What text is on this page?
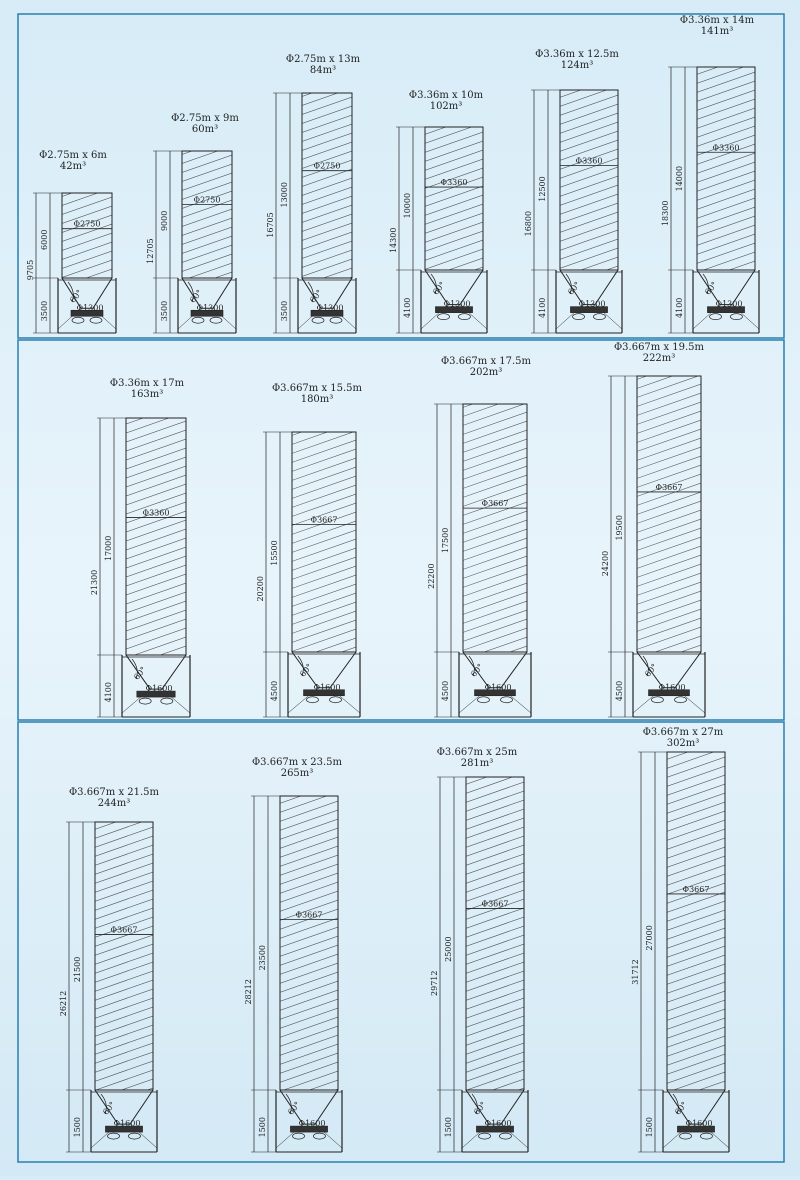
Φ2.75m x 6m
42m³
Φ2750
60°
Φ1300
6000
9705
3500
Φ2.75m x 9m
60m³
Φ2750
60°
Φ1300
9000
12705
3500
Φ2.75m x 13m
84m³
Φ2750
60°
Φ1300
13000
16705
3500
Φ3.36m x 10m
102m³
Φ3360
60°
Φ1300
10000
14300
4100
Φ3.36m x 12.5m
124m³
Φ3360
60°
Φ1300
12500
16800
4100
Φ3.36m x 14m
141m³
Φ3360
60°
Φ1300
14000
18300
4100
Φ3.36m x 17m
163m³
Φ3360
60°
Φ1600
17000
21300
4100
Φ3.667m x 15.5m
180m³
Φ3667
60°
Φ1600
15500
20200
4500
Φ3.667m x 17.5m
202m³
Φ3667
60°
Φ1600
17500
22200
4500
Φ3.667m x 19.5m
222m³
Φ3667
60°
Φ1600
19500
24200
4500
Φ3.667m x 21.5m
244m³
Φ3667
60°
Φ1600
21500
26212
1500
Φ3.667m x 23.5m
265m³
Φ3667
60°
Φ1600
23500
28212
1500
Φ3.667m x 25m
281m³
Φ3667
60°
Φ1600
25000
29712
1500
Φ3.667m x 27m
302m³
Φ3667
60°
Φ1600
27000
31712
1500
